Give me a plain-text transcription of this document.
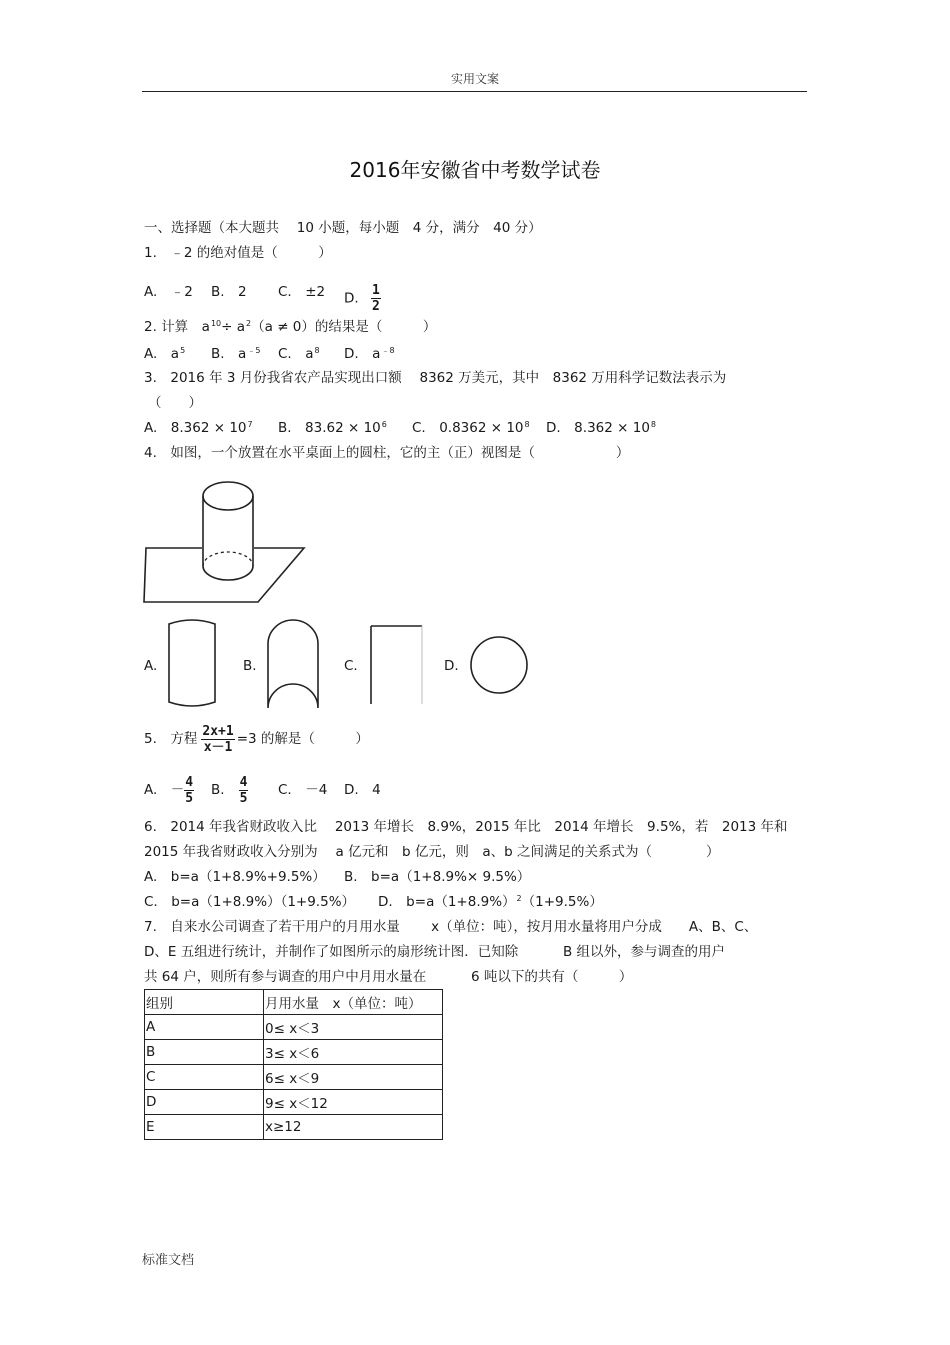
实用文案
2016年安徽省中考数学试卷
一、选择题（本大题共　 10 小题，每小题　4 分，满分　40 分）
1.　﹣2 的绝对值是（　　　）
A.　﹣2 B.　2 C.　±2 D. $\frac{1}{2}$
2. 计算　$a^{10}\div a^2(a \ne 0)$的结果是（　　　）
A.　$a^5$ B.　$a^{﹣5}$ C.　$a^8$ D.　$a^{﹣8}$
3.　2016 年 3 月份我省农产品实现出口额　 8362 万美元，其中　8362 万用科学记数法表示为
（　　）
A.　$8.362 \times 10^7$ B.　$83.62 \times 10^6$ C.　$0.8362 \times 10^8$ D.　$8.362 \times 10^8$
4.　如图，一个放置在水平桌面上的圆柱，它的主（正）视图是（　　　　　　）
A.	B.	C.	D.
5.　方程 $\frac{2x+1}{x-1} =3$ 的解是（　　　）
A.　－ $\frac{4}{5} B$. $\frac{4}{5} C$.　－4 D.　4
6.　2014 年我省财政收入比　 2013 年增长　8.9%，2015 年比　2014 年增长　9.5%，若　2013 年和
2015 年我省财政收入分别为　 a 亿元和　b 亿元，则　a、b 之间满足的关系式为（　　　　）
A.　b=a（1+8.9%+9.5%） B.　b=a（1+8.9%× 9.5%）
C.　b=a（1+8.9%）（1+9.5%） D.　$b=a(1+8.9\%)^2(1+9.5\%)$
7.　自来水公司调查了若干用户的月用水量　　 x（单位：吨），按月用水量将用户分成　　A、B、C、
D、E 五组进行统计，并制作了如图所示的扇形统计图．已知除　　　 B 组以外，参与调查的用户
共 64 户，则所有参与调查的用户中月用水量在　　　 6 吨以下的共有（　　　）
组别	月用水量　x（单位：吨）
A	0≤ x＜3
B	3≤ x＜6
C	6≤ x＜9
D	9≤ x＜12
E	x≥12
标准文档
